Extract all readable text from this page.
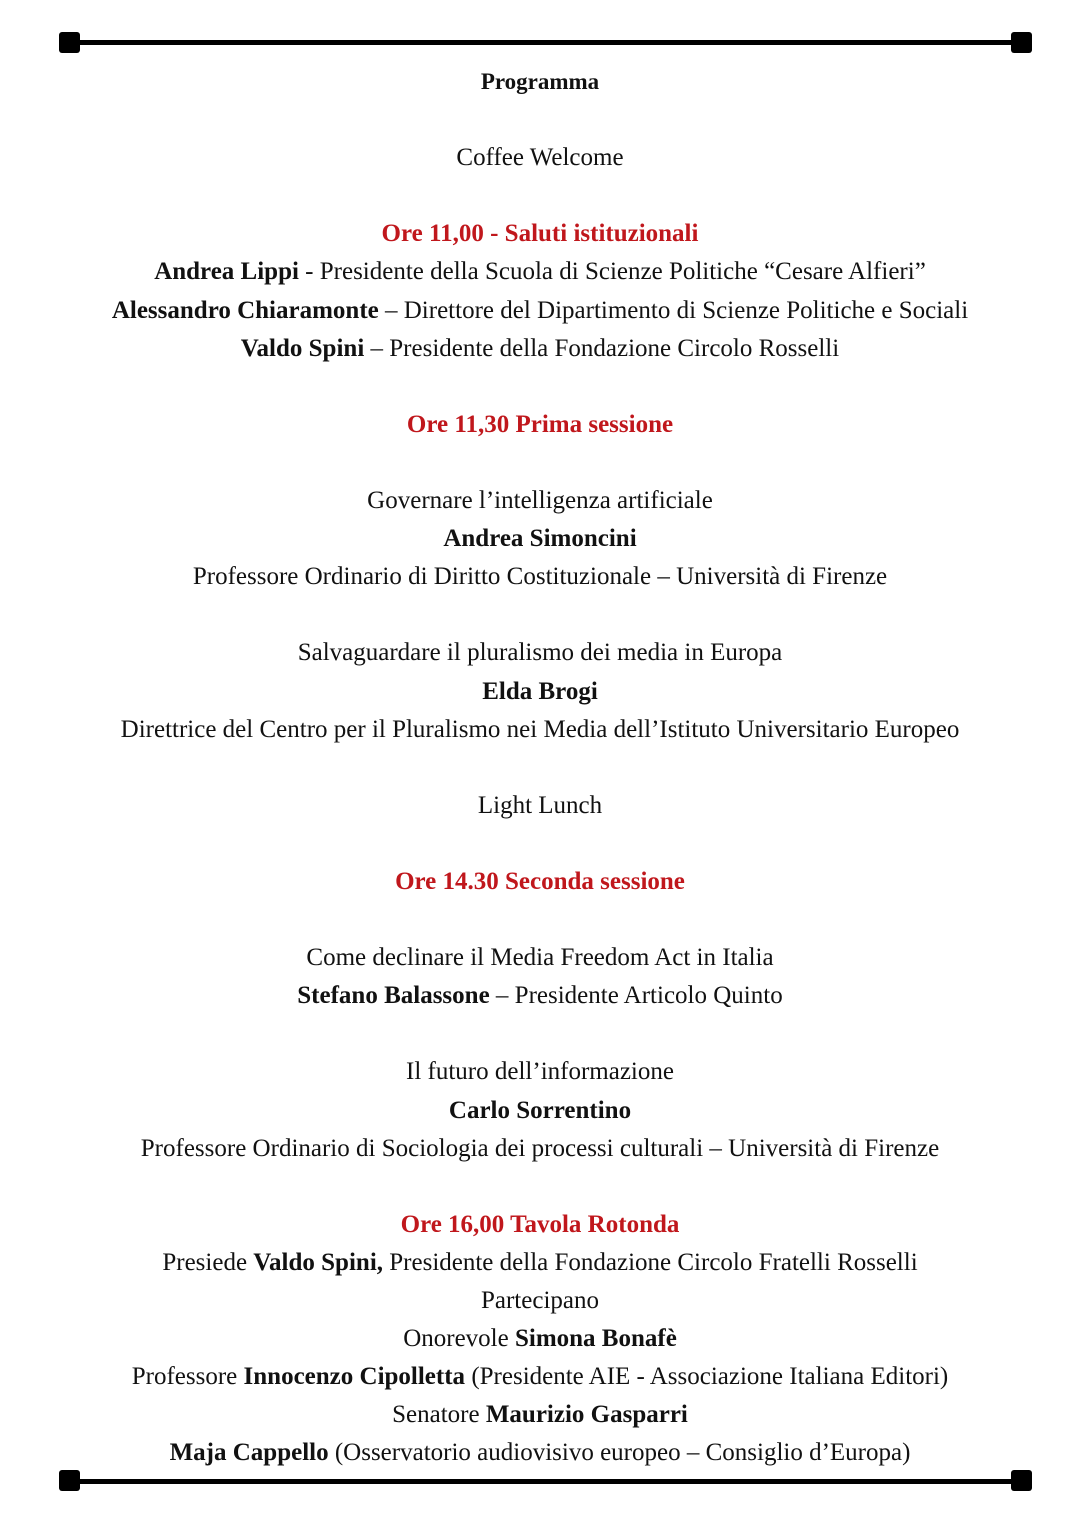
Programma
Coffee Welcome
Ore 11,00 - Saluti istituzionali
Andrea Lippi - Presidente della Scuola di Scienze Politiche “Cesare Alfieri”
Alessandro Chiaramonte – Direttore del Dipartimento di Scienze Politiche e Sociali
Valdo Spini – Presidente della Fondazione Circolo Rosselli
Ore 11,30 Prima sessione
Governare l’intelligenza artificiale
Andrea Simoncini
Professore Ordinario di Diritto Costituzionale – Università di Firenze
Salvaguardare il pluralismo dei media in Europa
Elda Brogi
Direttrice del Centro per il Pluralismo nei Media dell’Istituto Universitario Europeo
Light Lunch
Ore 14.30 Seconda sessione
Come declinare il Media Freedom Act in Italia
Stefano Balassone – Presidente Articolo Quinto
Il futuro dell’informazione
Carlo Sorrentino
Professore Ordinario di Sociologia dei processi culturali – Università di Firenze
Ore 16,00 Tavola Rotonda
Presiede Valdo Spini, Presidente della Fondazione Circolo Fratelli Rosselli
Partecipano
Onorevole Simona Bonafè
Professore Innocenzo Cipolletta (Presidente AIE - Associazione Italiana Editori)
Senatore Maurizio Gasparri
Maja Cappello (Osservatorio audiovisivo europeo – Consiglio d’Europa)
